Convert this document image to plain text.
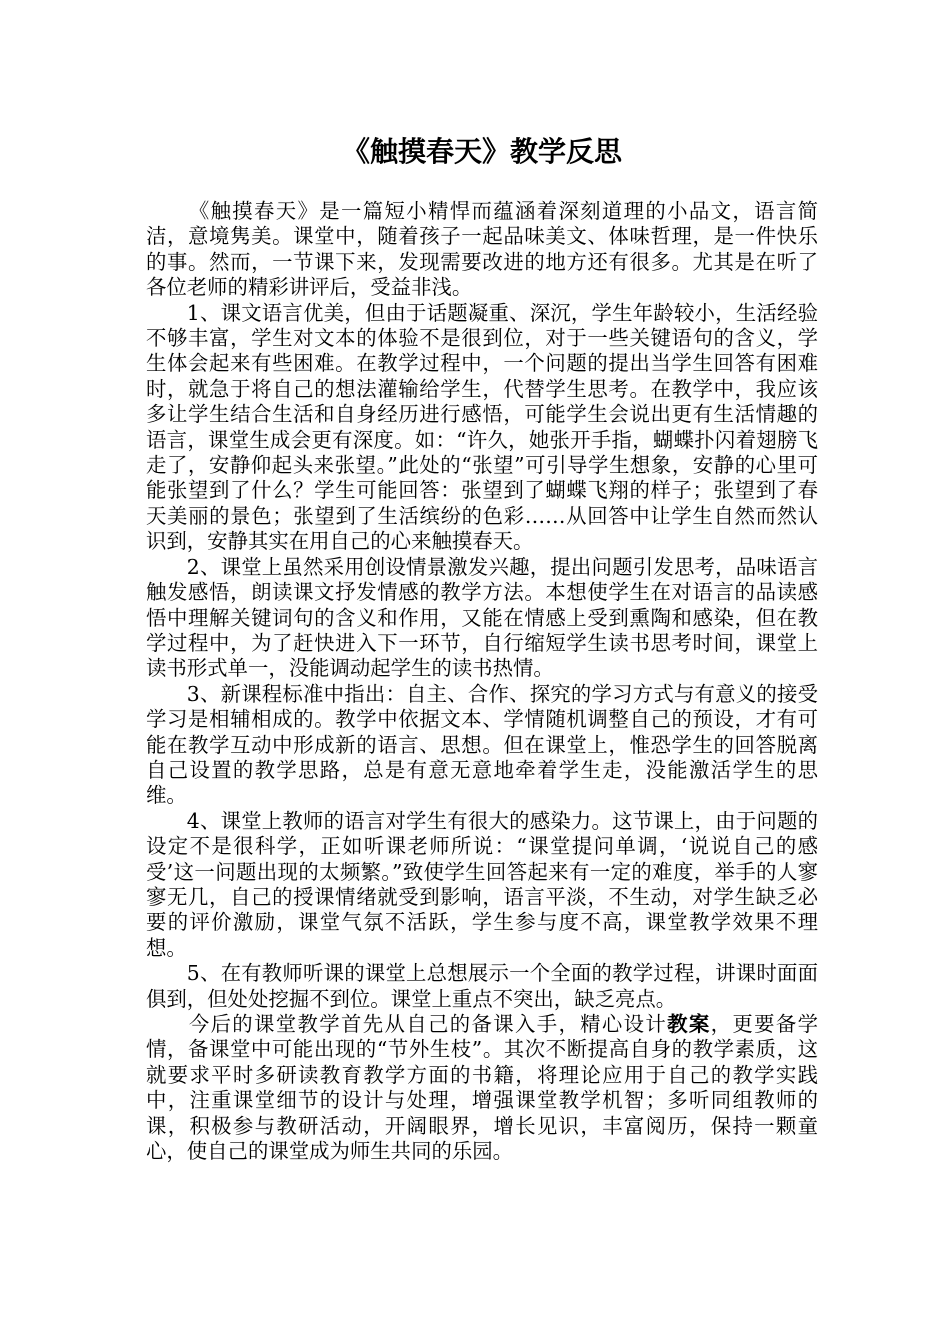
《触摸春天》教学反思

《触摸春天》是一篇短小精悍而蕴涵着深刻道理的小品文，语言简洁，意境隽美。课堂中，随着孩子一起品味美文、体味哲理，是一件快乐的事。然而，一节课下来，发现需要改进的地方还有很多。尤其是在听了各位老师的精彩讲评后，受益非浅。

1、课文语言优美，但由于话题凝重、深沉，学生年龄较小，生活经验不够丰富，学生对文本的体验不是很到位，对于一些关键语句的含义，学生体会起来有些困难。在教学过程中，一个问题的提出当学生回答有困难时，就急于将自己的想法灌输给学生，代替学生思考。在教学中，我应该多让学生结合生活和自身经历进行感悟，可能学生会说出更有生活情趣的语言，课堂生成会更有深度。如：“许久，她张开手指，蝴蝶扑闪着翅膀飞走了，安静仰起头来张望。”此处的“张望”可引导学生想象，安静的心里可能张望到了什么？学生可能回答：张望到了蝴蝶飞翔的样子；张望到了春天美丽的景色；张望到了生活缤纷的色彩……从回答中让学生自然而然认识到，安静其实在用自己的心来触摸春天。

2、课堂上虽然采用创设情景激发兴趣，提出问题引发思考，品味语言触发感悟，朗读课文抒发情感的教学方法。本想使学生在对语言的品读感悟中理解关键词句的含义和作用，又能在情感上受到熏陶和感染，但在教学过程中，为了赶快进入下一环节，自行缩短学生读书思考时间，课堂上读书形式单一，没能调动起学生的读书热情。

3、新课程标准中指出：自主、合作、探究的学习方式与有意义的接受学习是相辅相成的。教学中依据文本、学情随机调整自己的预设，才有可能在教学互动中形成新的语言、思想。但在课堂上，惟恐学生的回答脱离自己设置的教学思路，总是有意无意地牵着学生走，没能激活学生的思维。

4、课堂上教师的语言对学生有很大的感染力。这节课上，由于问题的设定不是很科学，正如听课老师所说：“课堂提问单调，‘说说自己的感受’这一问题出现的太频繁。”致使学生回答起来有一定的难度，举手的人寥寥无几，自己的授课情绪就受到影响，语言平淡，不生动，对学生缺乏必要的评价激励，课堂气氛不活跃，学生参与度不高，课堂教学效果不理想。

5、在有教师听课的课堂上总想展示一个全面的教学过程，讲课时面面俱到，但处处挖掘不到位。课堂上重点不突出，缺乏亮点。

今后的课堂教学首先从自己的备课入手，精心设计教案，更要备学情，备课堂中可能出现的“节外生枝”。其次不断提高自身的教学素质，这就要求平时多研读教育教学方面的书籍，将理论应用于自己的教学实践中，注重课堂细节的设计与处理，增强课堂教学机智；多听同组教师的课，积极参与教研活动，开阔眼界，增长见识，丰富阅历，保持一颗童心，使自己的课堂成为师生共同的乐园。
